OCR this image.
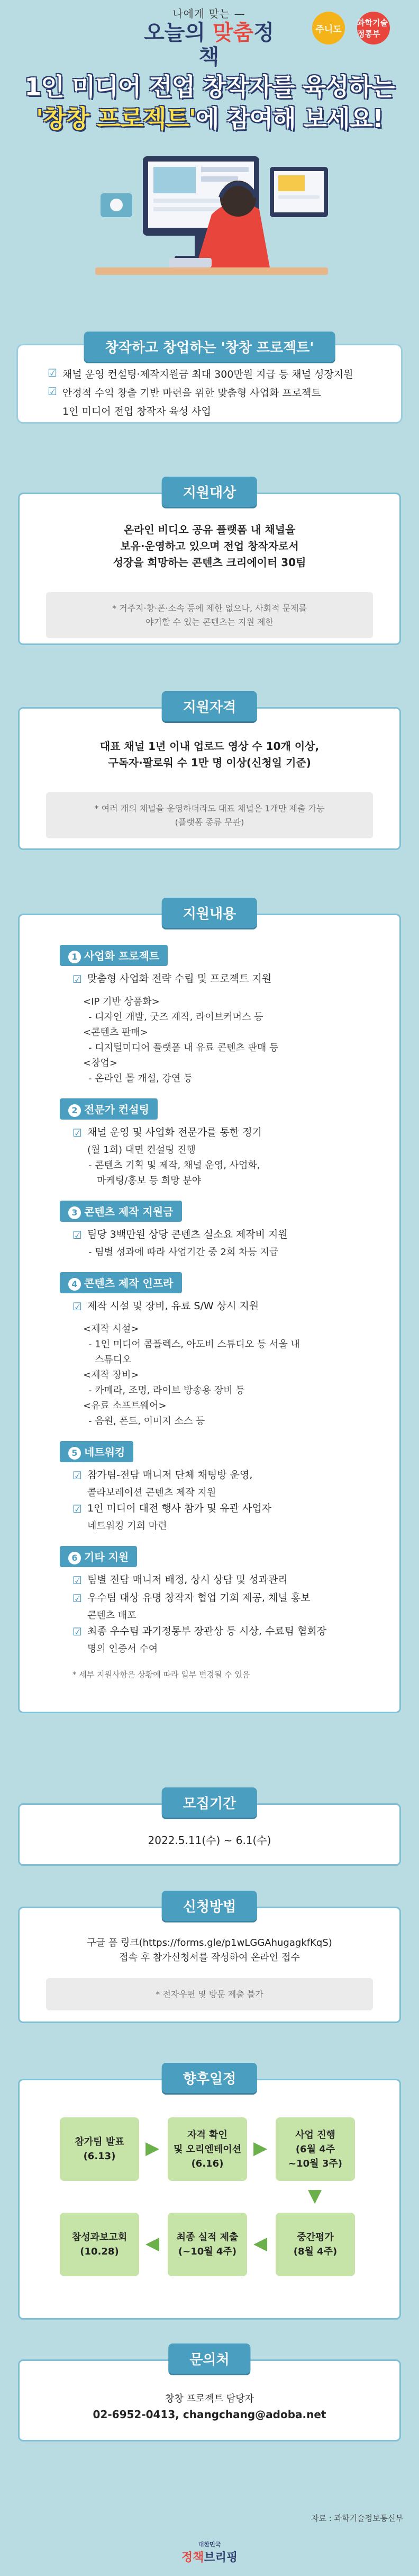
나에게 맞는 —
오늘의 맞춤정책
주니도
과학기술 정통부
1인 미디어 전업 창작자를 육성하는
'창창 프로젝트'에 참여해 보세요!
창작하고 창업하는 '창창 프로젝트'
☑ 채널 운영 컨설팅·제작지원금 최대 300만원 지급 등 채널 성장지원
☑ 안정적 수익 창출 기반 마련을 위한 맞춤형 사업화 프로젝트
1인 미디어 전업 창작자 육성 사업
지원대상
온라인 비디오 공유 플랫폼 내 채널을
보유·운영하고 있으며 전업 창작자로서
성장을 희망하는 콘텐츠 크리에이터 30팀
* 거주지·창·폰·소속 등에 제한 없으나, 사회적 문제를
야기할 수 있는 콘텐츠는 지원 제한
지원자격
대표 채널 1년 이내 업로드 영상 수 10개 이상,
구독자·팔로워 수 1만 명 이상(신청일 기준)
* 여러 개의 채널을 운영하더라도 대표 채널은 1개만 제출 가능
(플랫폼 종류 무관)
지원내용
1 사업화 프로젝트
☑ 맞춤형 사업화 전략 수립 및 프로젝트 지원
<IP 기반 상품화>
- 디자인 개발, 굿즈 제작, 라이브커머스 등
<콘텐츠 판매>
- 디지털미디어 플랫폼 내 유료 콘텐츠 판매 등
<창업>
- 온라인 몰 개설, 강연 등
2 전문가 컨설팅
☑ 채널 운영 및 사업화 전문가를 통한 정기
(월 1회) 대면 컨설팅 진행
- 콘텐츠 기획 및 제작, 채널 운영, 사업화,
마케팅/홍보 등 희망 분야
3 콘텐츠 제작 지원금
☑ 팀당 3백만원 상당 콘텐츠 실소요 제작비 지원
- 팀별 성과에 따라 사업기간 중 2회 차등 지급
4 콘텐츠 제작 인프라
☑ 제작 시설 및 장비, 유료 S/W 상시 지원
<제작 시설>
- 1인 미디어 콤플렉스, 아도비 스튜디오 등 서울 내
스튜디오
<제작 장비>
- 카메라, 조명, 라이브 방송용 장비 등
<유료 소프트웨어>
- 음원, 폰트, 이미지 소스 등
5 네트워킹
☑ 참가팀-전담 매니저 단체 채팅방 운영,
콜라보레이션 콘텐츠 제작 지원
☑ 1인 미디어 대전 행사 참가 및 유관 사업자
네트워킹 기회 마련
6 기타 지원
☑ 팀별 전담 매니저 배정, 상시 상담 및 성과관리
☑ 우수팀 대상 유명 창작자 협업 기회 제공, 채널 홍보
콘텐츠 배포
☑ 최종 우수팀 과기정통부 장관상 등 시상, 수료팀 협회장
명의 인증서 수여
* 세부 지원사항은 상황에 따라 일부 변경될 수 있음
모집기간
2022.5.11(수) ~ 6.1(수)
신청방법
구글 폼 링크(https://forms.gle/p1wLGGAhugagkfKqS)
접속 후 참가신청서를 작성하여 온라인 접수
* 전자우편 및 방문 제출 불가
향후일정
참가팀 발표
(6.13) ▶
자격 확인
및 오리엔테이션
(6.16)
▶
사업 진행
(6월 4주
~10월 3주)
▼
중간평가
(8월 4주)
◀
최종 실적 제출
(~10월 4주)
◀
참성과보고회
(10.28)
문의처
창창 프로젝트 담당자
02-6952-0413, changchang@adoba.net
자료 : 과학기술정보통신부
대한민국
정책브리핑
